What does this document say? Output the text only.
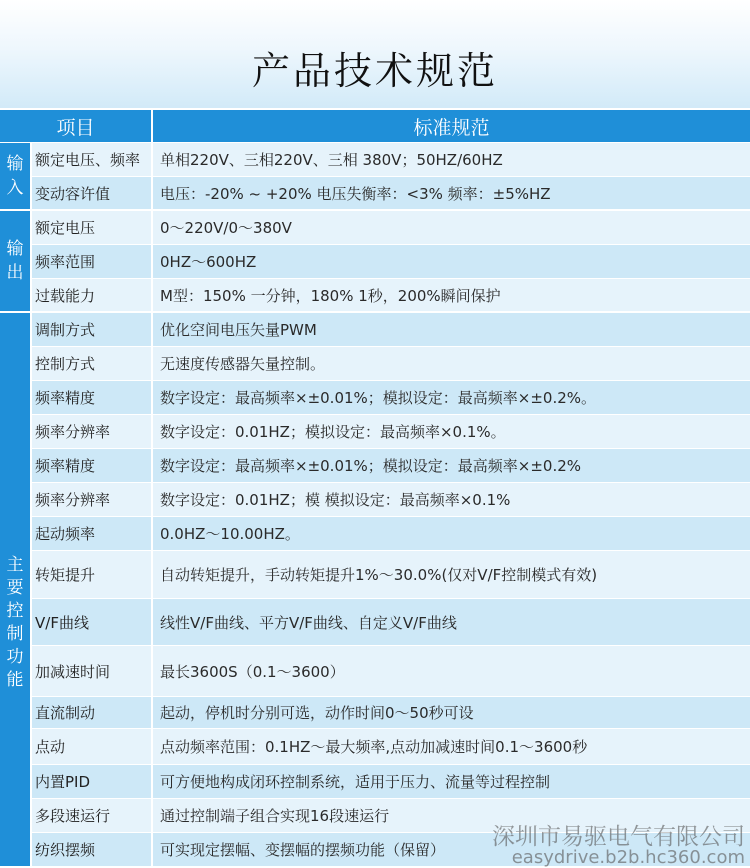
产品技术规范
项目	标准规范
输入
额定电压、频率	单相220V、三相220V、三相 380V；50HZ/60HZ
变动容许值	电压：-20% ~ +20% 电压失衡率：<3% 频率：±5%HZ
输出
额定电压	0～220V/0～380V
频率范围	0HZ～600HZ
过载能力	M型：150% 一分钟，180% 1秒，200%瞬间保护
主要控制功能
调制方式	优化空间电压矢量PWM
控制方式	无速度传感器矢量控制。
频率精度	数字设定：最高频率×±0.01%；模拟设定：最高频率×±0.2%。
频率分辨率	数字设定：0.01HZ；模拟设定：最高频率×0.1%。
频率精度	数字设定：最高频率×±0.01%；模拟设定：最高频率×±0.2%
频率分辨率	数字设定：0.01HZ；模 模拟设定：最高频率×0.1%
起动频率	0.0HZ～10.00HZ。
转矩提升	自动转矩提升，手动转矩提升1%～30.0%(仅对V/F控制模式有效)
V/F曲线	线性V/F曲线、平方V/F曲线、自定义V/F曲线
加减速时间	最长3600S（0.1～3600）
直流制动	起动，停机时分别可选，动作时间0～50秒可设
点动	点动频率范围：0.1HZ～最大频率,点动加减速时间0.1～3600秒
内置PID	可方便地构成闭环控制系统，适用于压力、流量等过程控制
多段速运行	通过控制端子组合实现16段速运行
纺织摆频	可实现定摆幅、变摆幅的摆频功能（保留）	深圳市易驱电气有限公司
easydrive.b2b.hc360.com
